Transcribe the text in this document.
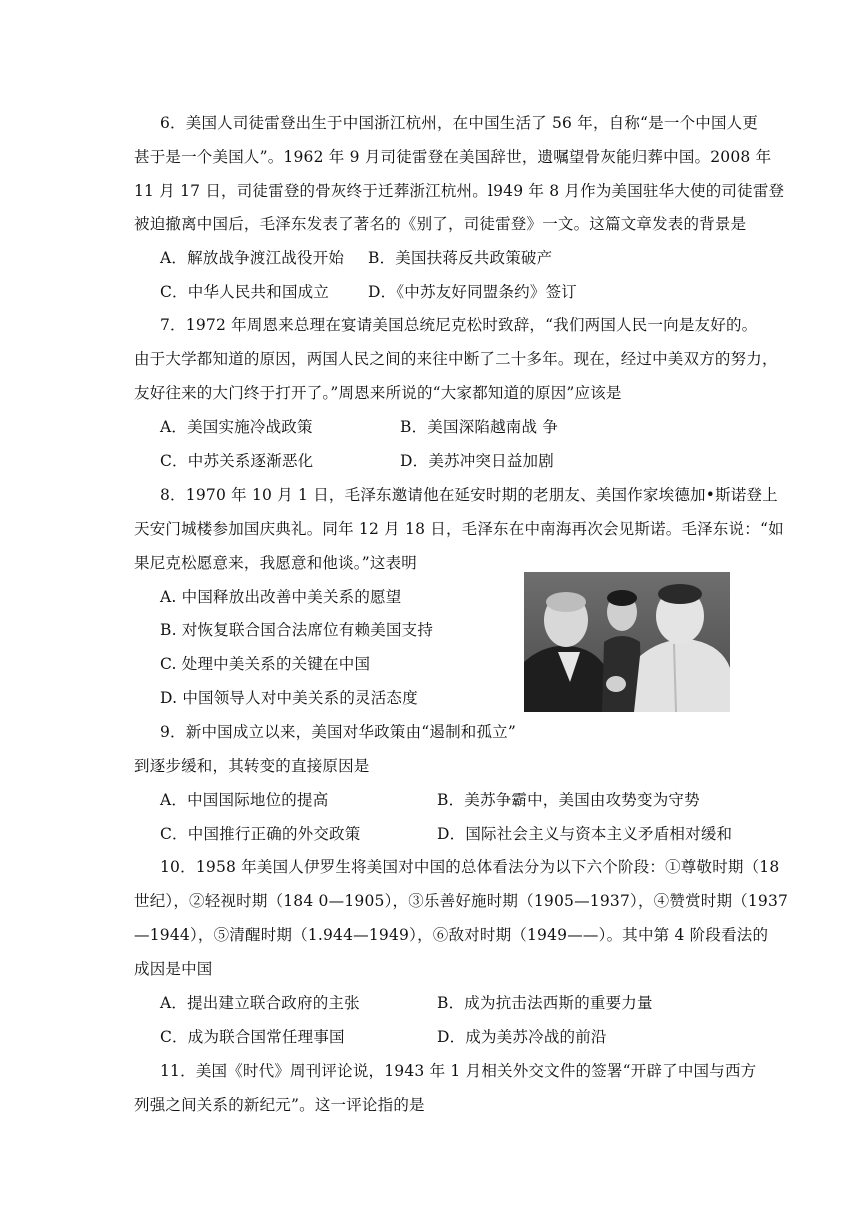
6．美国人司徒雷登出生于中国浙江杭州，在中国生活了 56 年，自称“是一个中国人更
甚于是一个美国人”。1962 年 9 月司徒雷登在美国辞世，遗嘱望骨灰能归葬中国。2008 年
11 月 17 日，司徒雷登的骨灰终于迁葬浙江杭州。l949 年 8 月作为美国驻华大使的司徒雷登
被迫撤离中国后，毛泽东发表了著名的《别了，司徒雷登》一文。这篇文章发表的背景是
A．解放战争渡江战役开始 B．美国扶蒋反共政策破产
C．中华人民共和国成立	D．《中苏友好同盟条约》签订
7．1972 年周恩来总理在宴请美国总统尼克松时致辞，“我们两国人民一向是友好的。
由于大学都知道的原因，两国人民之间的来往中断了二十多年。现在，经过中美双方的努力，
友好往来的大门终于打开了。”周恩来所说的“大家都知道的原因”应该是
A．美国实施冷战政策	B．美国深陷越南战 争
C．中苏关系逐渐恶化	D．美苏冲突日益加剧
8．1970 年 10 月 1 日，毛泽东邀请他在延安时期的老朋友、美国作家埃德加•斯诺登上
天安门城楼参加国庆典礼。同年 12 月 18 日，毛泽东在中南海再次会见斯诺。毛泽东说：“如
果尼克松愿意来，我愿意和他谈。”这表明
A. 中国释放出改善中美关系的愿望
B. 对恢复联合国合法席位有赖美国支持
C. 处理中美关系的关键在中国
D. 中国领导人对中美关系的灵活态度
9．新中国成立以来，美国对华政策由“遏制和孤立”
到逐步缓和，其转变的直接原因是
A．中国国际地位的提高	B．美苏争霸中，美国由攻势变为守势
C．中国推行正确的外交政策	D．国际社会主义与资本主义矛盾相对缓和
10．1958 年美国人伊罗生将美国对中国的总体看法分为以下六个阶段：①尊敬时期（18
世纪），②轻视时期（184 0—1905），③乐善好施时期（1905—1937），④赞赏时期（1937
—1944），⑤清醒时期（1.944—1949），⑥敌对时期（1949——）。其中第 4 阶段看法的
成因是中国
A．提出建立联合政府的主张	B．成为抗击法西斯的重要力量
C．成为联合国常任理事国	D．成为美苏冷战的前沿
11．美国《时代》周刊评论说，1943 年 1 月相关外交文件的签署“开辟了中国与西方
列强之间关系的新纪元”。这一评论指的是
